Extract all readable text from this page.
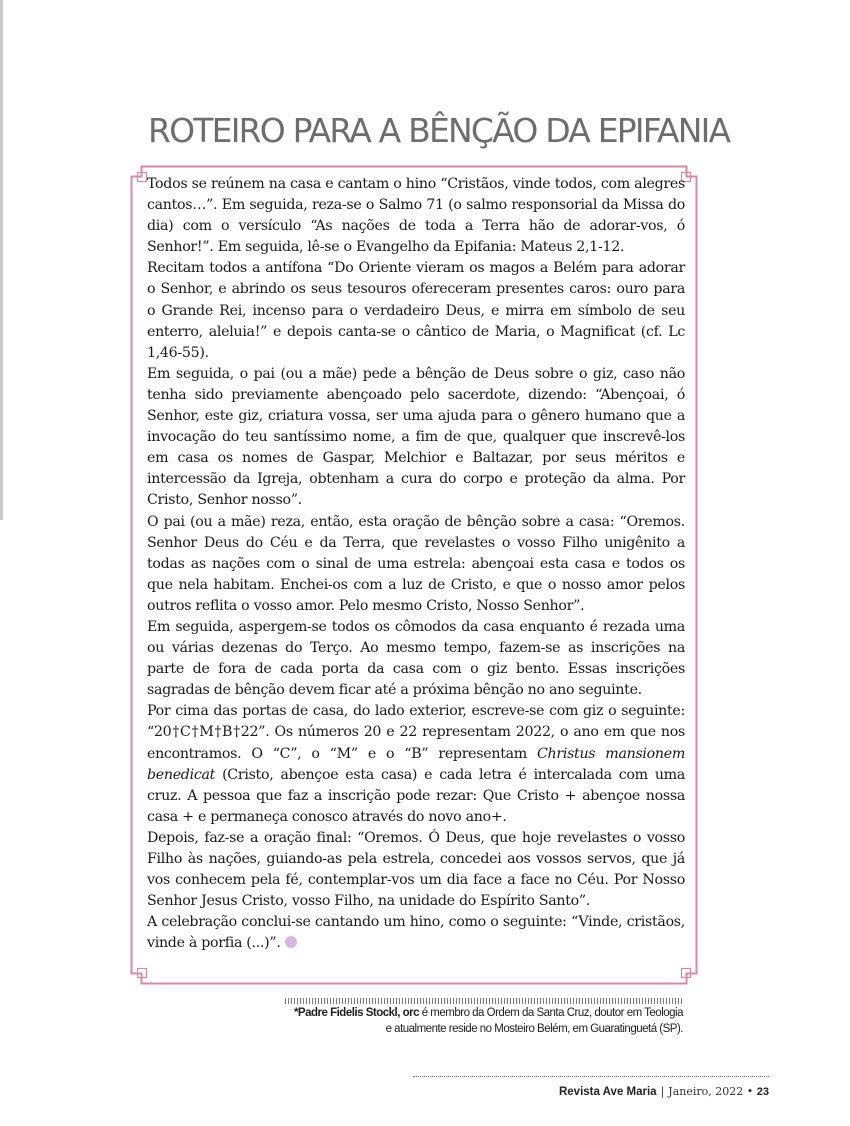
ROTEIRO PARA A BÊNÇÃO DA EPIFANIA

Todos se reúnem na casa e cantam o hino “Cristãos, vinde todos, com alegres cantos…”. Em seguida, reza-se o Salmo 71 (o salmo responsorial da Missa do dia) com o versículo “As nações de toda a Terra hão de adorar-vos, ó Senhor!”. Em seguida, lê-se o Evangelho da Epifania: Mateus 2,1-12.

Recitam todos a antífona “Do Oriente vieram os magos a Belém para adorar o Senhor, e abrindo os seus tesouros ofereceram presentes caros: ouro para o Grande Rei, incenso para o verdadeiro Deus, e mirra em símbolo de seu enterro, aleluia!” e depois canta-se o cântico de Maria, o Magnificat (cf. Lc 1,46-55).

Em seguida, o pai (ou a mãe) pede a bênção de Deus sobre o giz, caso não tenha sido previamente abençoado pelo sacerdote, dizendo: “Abençoai, ó Senhor, este giz, criatura vossa, ser uma ajuda para o gênero humano que a invocação do teu santíssimo nome, a fim de que, qualquer que inscrevê-los em casa os nomes de Gaspar, Melchior e Baltazar, por seus méritos e intercessão da Igreja, obtenham a cura do corpo e proteção da alma. Por Cristo, Senhor nosso”.

O pai (ou a mãe) reza, então, esta oração de bênção sobre a casa: “Oremos. Senhor Deus do Céu e da Terra, que revelastes o vosso Filho unigênito a todas as nações com o sinal de uma estrela: abençoai esta casa e todos os que nela habitam. Enchei-os com a luz de Cristo, e que o nosso amor pelos outros reflita o vosso amor. Pelo mesmo Cristo, Nosso Senhor”.

Em seguida, aspergem-se todos os cômodos da casa enquanto é rezada uma ou várias dezenas do Terço. Ao mesmo tempo, fazem-se as inscrições na parte de fora de cada porta da casa com o giz bento. Essas inscrições sagradas de bênção devem ficar até a próxima bênção no ano seguinte.

Por cima das portas de casa, do lado exterior, escreve-se com giz o seguinte: “20†C†M†B†22”. Os números 20 e 22 representam 2022, o ano em que nos encontramos. O “C”, o “M” e o “B” representam Christus mansionem benedicat (Cristo, abençoe esta casa) e cada letra é intercalada com uma cruz. A pessoa que faz a inscrição pode rezar: Que Cristo + abençoe nossa casa + e permaneça conosco através do novo ano+.

Depois, faz-se a oração final: “Oremos. Ó Deus, que hoje revelastes o vosso Filho às nações, guiando-as pela estrela, concedei aos vossos servos, que já vos conhecem pela fé, contemplar-vos um dia face a face no Céu. Por Nosso Senhor Jesus Cristo, vosso Filho, na unidade do Espírito Santo”.

A celebração conclui-se cantando um hino, como o seguinte: “Vinde, cristãos, vinde à porfia (...)”.

*Padre Fidelis Stockl, orc é membro da Ordem da Santa Cruz, doutor em Teologia
e atualmente reside no Mosteiro Belém, em Guaratinguetá (SP).
Revista Ave Maria | Janeiro, 2022 • 23
